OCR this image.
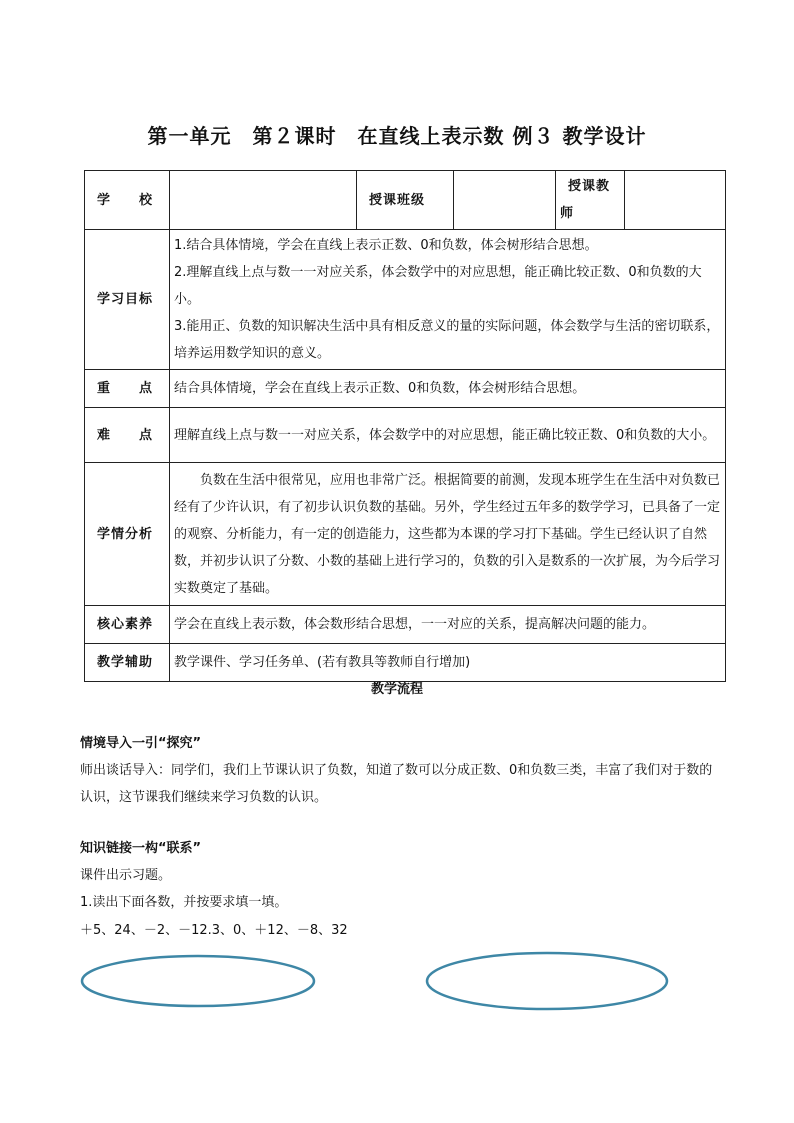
第一单元　第２课时　在直线上表示数 例３ 教学设计
学　　校		授课班级		授课教师	
学习目标	1.结合具体情境，学会在直线上表示正数、0和负数，体会树形结合思想。

2.理解直线上点与数一一对应关系，体会数学中的对应思想，能正确比较正数、0和负数的大小。

3.能用正、负数的知识解决生活中具有相反意义的量的实际问题，体会数学与生活的密切联系，培养运用数学知识的意义。				

重　　点	结合具体情境，学会在直线上表示正数、0和负数，体会树形结合思想。				

难　　点	理解直线上点与数一一对应关系，体会数学中的对应思想，能正确比较正数、0和负数的大小。				

学情分析	负数在生活中很常见，应用也非常广泛。根据简要的前测，发现本班学生在生活中对负数已经有了少许认识，有了初步认识负数的基础。另外，学生经过五年多的数学学习，已具备了一定的观察、分析能力，有一定的创造能力，这些都为本课的学习打下基础。学生已经认识了自然数，并初步认识了分数、小数的基础上进行学习的，负数的引入是数系的一次扩展，为今后学习实数奠定了基础。				

核心素养	学会在直线上表示数，体会数形结合思想，一一对应的关系，提高解决问题的能力。				

教学辅助	教学课件、学习任务单、(若有教具等教师自行增加)				

教学流程
情境导入一引“探究”
师出谈话导入：同学们，我们上节课认识了负数，知道了数可以分成正数、0和负数三类，丰富了我们对于数的认识，这节课我们继续来学习负数的认识。
知识链接一构“联系”
课件出示习题。
1.读出下面各数，并按要求填一填。
＋5、24、－2、－12.3、0、＋12、－8、32
